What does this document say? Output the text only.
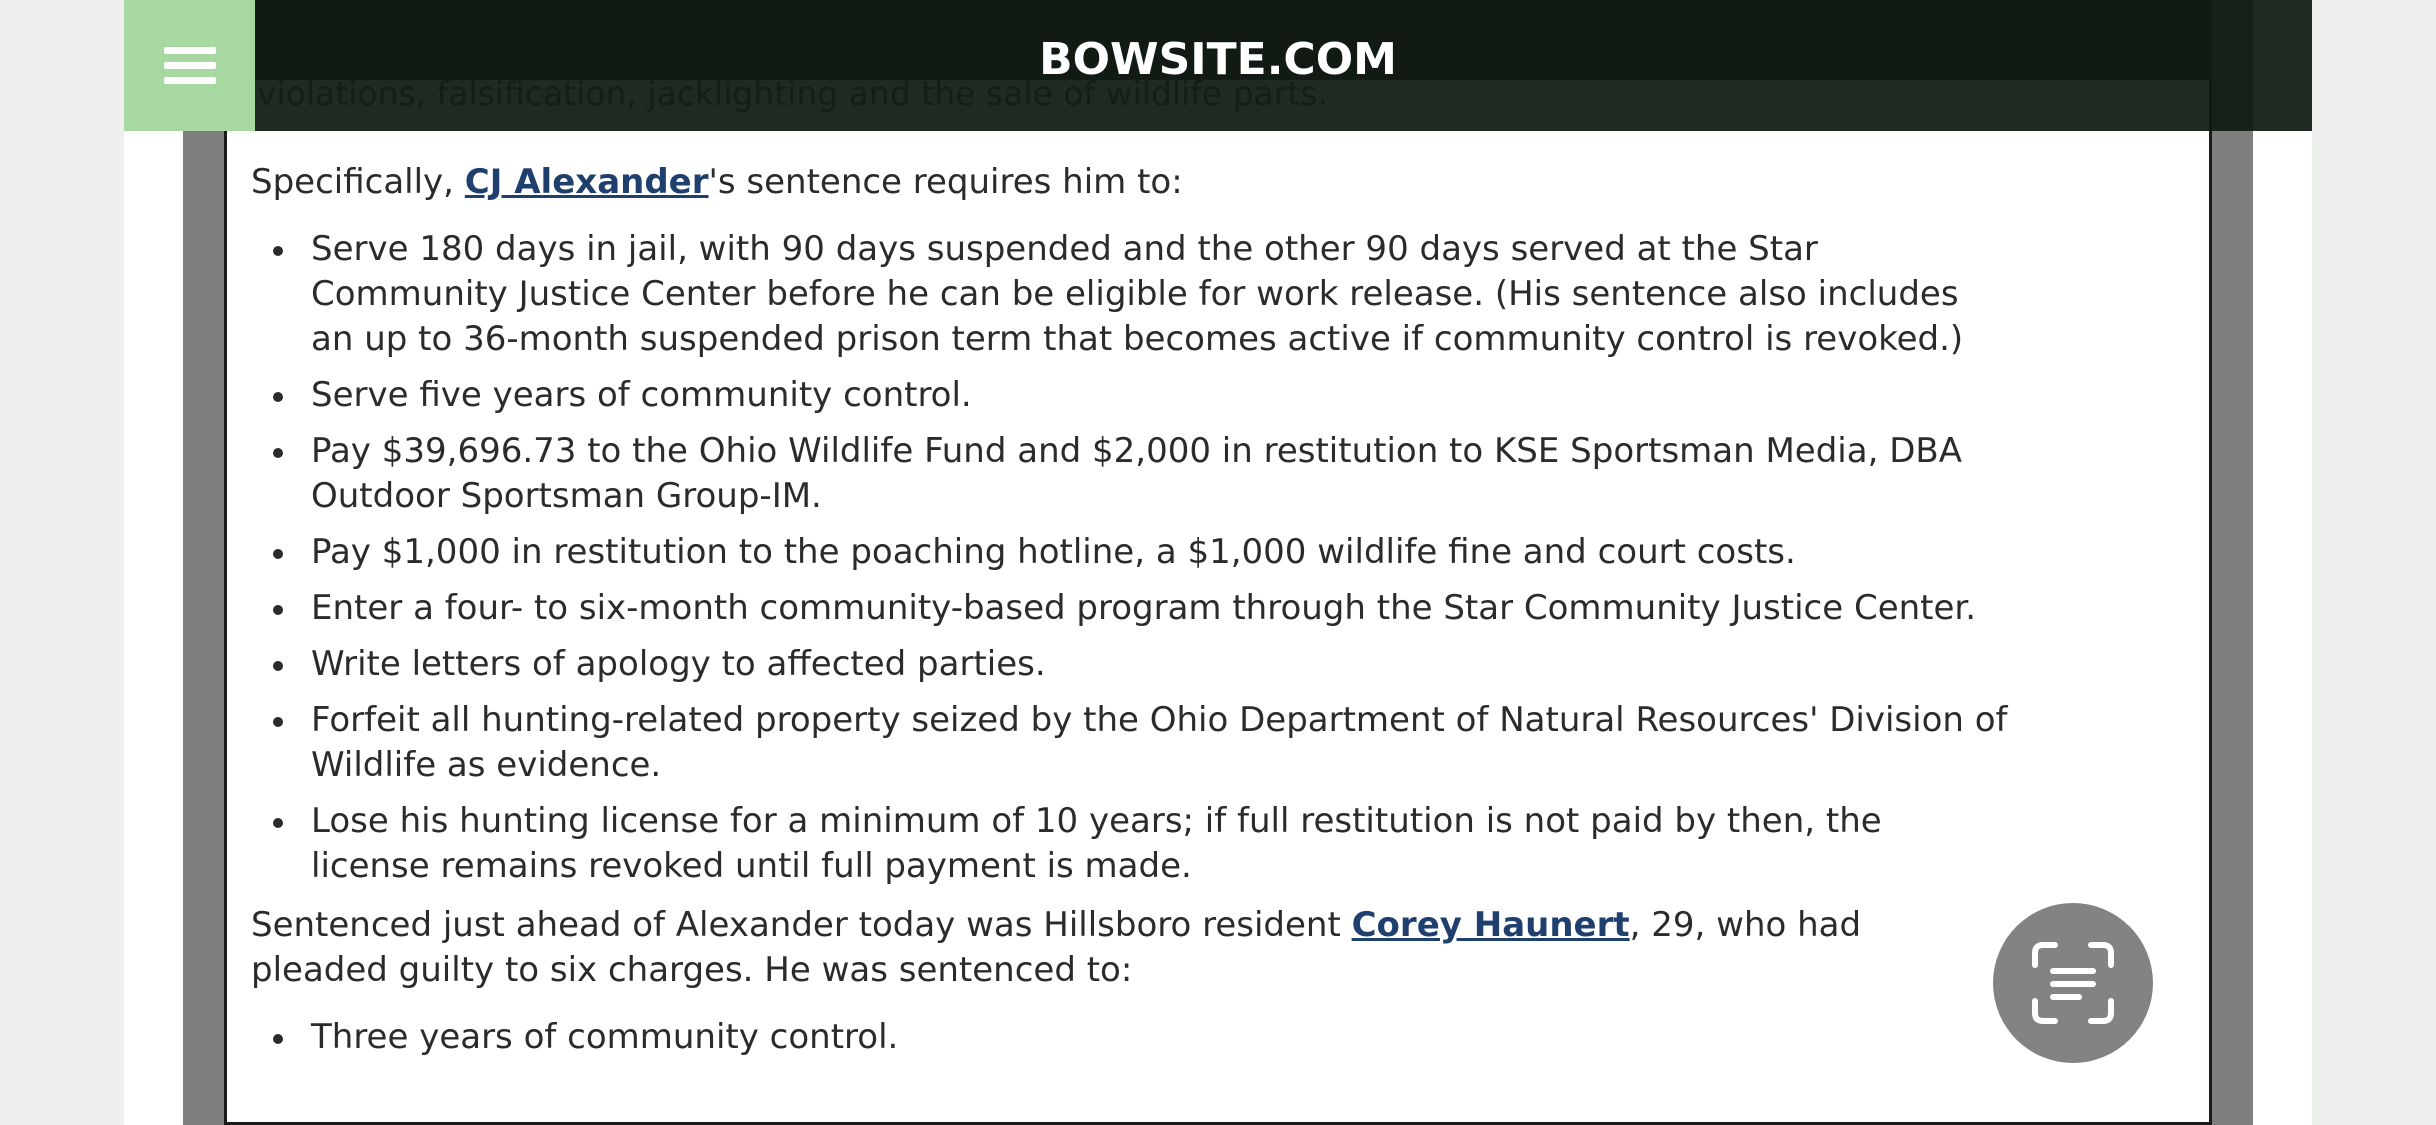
Specifically, CJ Alexander's sentence requires him to:

Serve 180 days in jail, with 90 days suspended and the other 90 days served at the Star Community Justice Center before he can be eligible for work release. (His sentence also includes an up to 36-month suspended prison term that becomes active if community control is revoked.)
Serve five years of community control.
Pay $39,696.73 to the Ohio Wildlife Fund and $2,000 in restitution to KSE Sportsman Media, DBA Outdoor Sportsman Group-IM.
Pay $1,000 in restitution to the poaching hotline, a $1,000 wildlife fine and court costs.
Enter a four- to six-month community-based program through the Star Community Justice Center.
Write letters of apology to affected parties.
Forfeit all hunting-related property seized by the Ohio Department of Natural Resources' Division of Wildlife as evidence.
Lose his hunting license for a minimum of 10 years; if full restitution is not paid by then, the license remains revoked until full payment is made.

Sentenced just ahead of Alexander today was Hillsboro resident Corey Haunert, 29, who had pleaded guilty to six charges. He was sentenced to:

Three years of community control.
BOWSITE.COM
